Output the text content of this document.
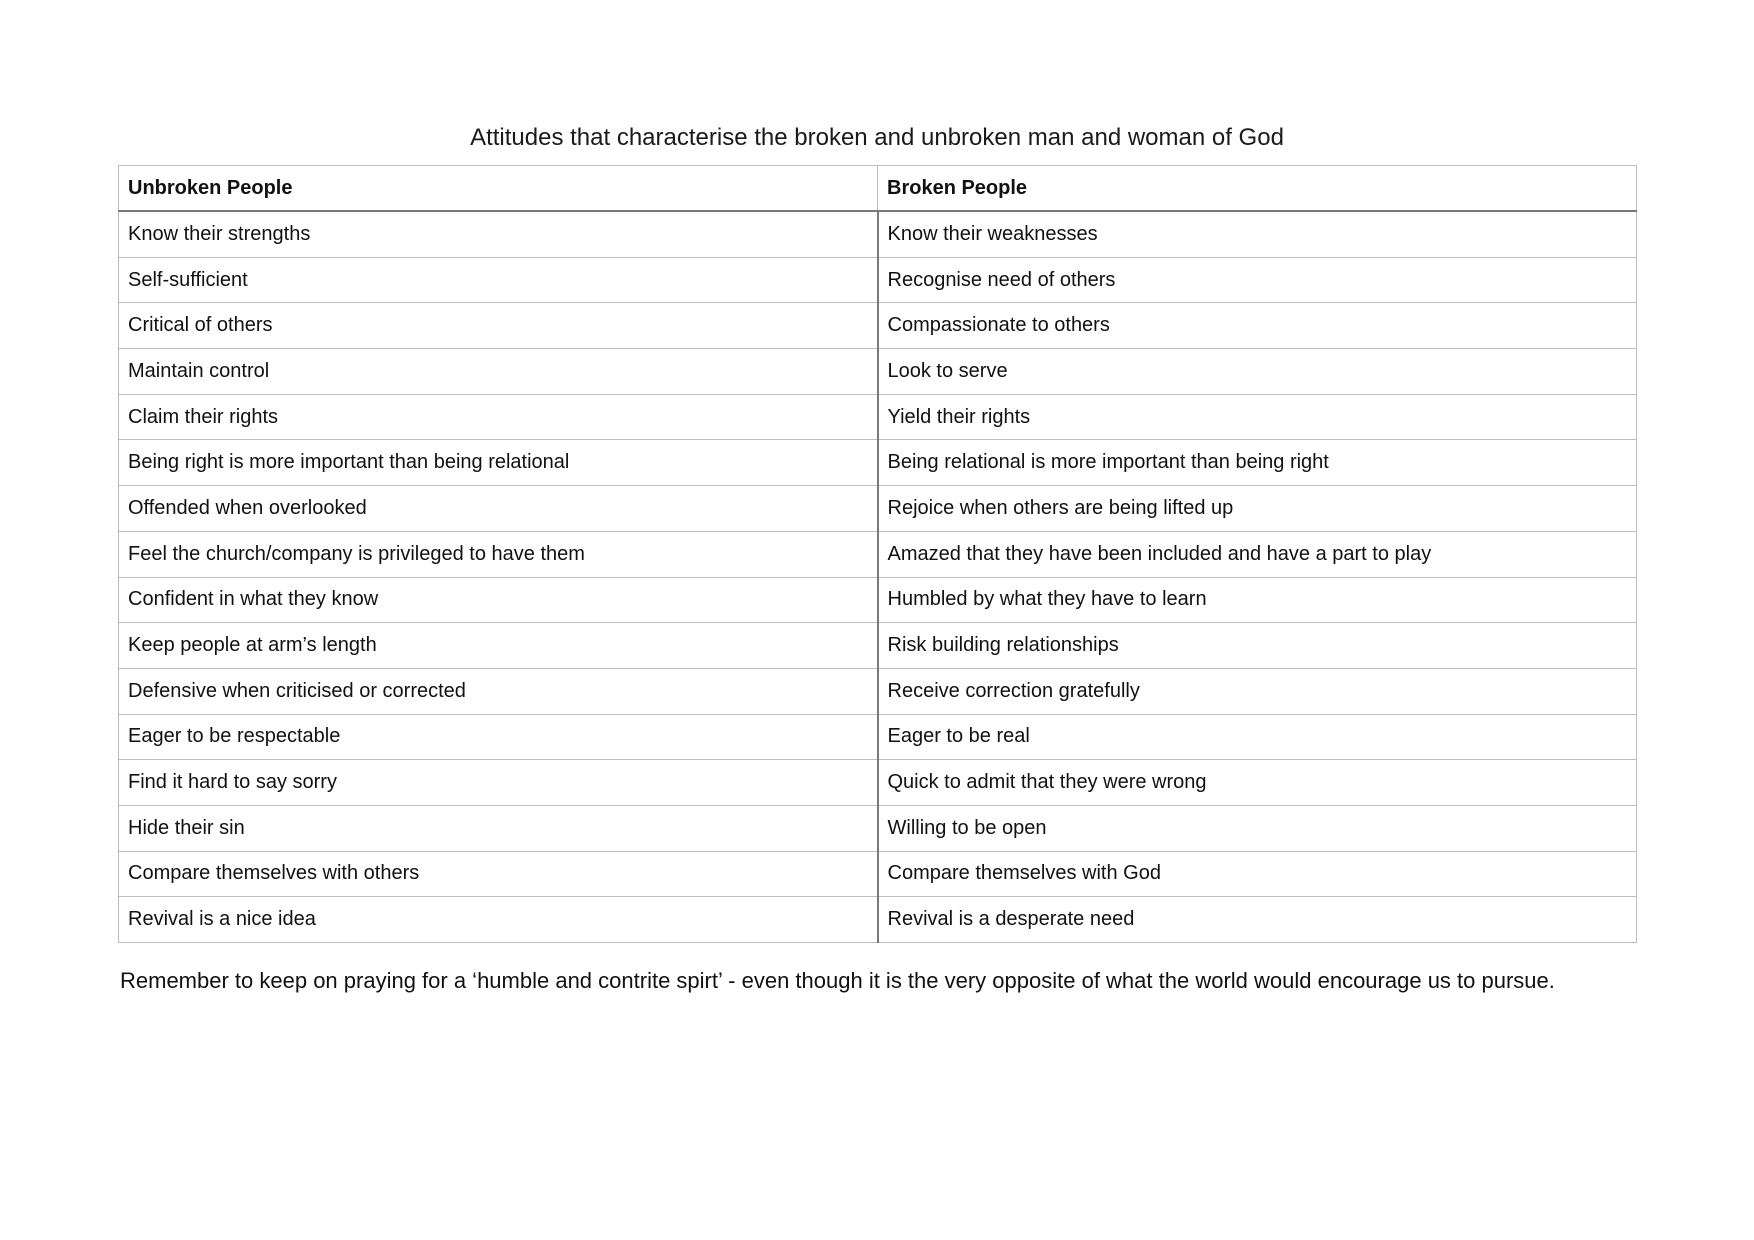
Attitudes that characterise the broken and unbroken man and woman of God
Unbroken People	Broken People
Know their strengths	Know their weaknesses
Self-sufficient	Recognise need of others
Critical of others	Compassionate to others
Maintain control	Look to serve
Claim their rights	Yield their rights
Being right is more important than being relational	Being relational is more important than being right
Offended when overlooked	Rejoice when others are being lifted up
Feel the church/company is privileged to have them	Amazed that they have been included and have a part to play
Confident in what they know	Humbled by what they have to learn
Keep people at arm’s length	Risk building relationships
Defensive when criticised or corrected	Receive correction gratefully
Eager to be respectable	Eager to be real
Find it hard to say sorry	Quick to admit that they were wrong
Hide their sin	Willing to be open
Compare themselves with others	Compare themselves with God
Revival is a nice idea	Revival is a desperate need
Remember to keep on praying for a ‘humble and contrite spirt’ - even though it is the very opposite of what the world would encourage us to pursue.
